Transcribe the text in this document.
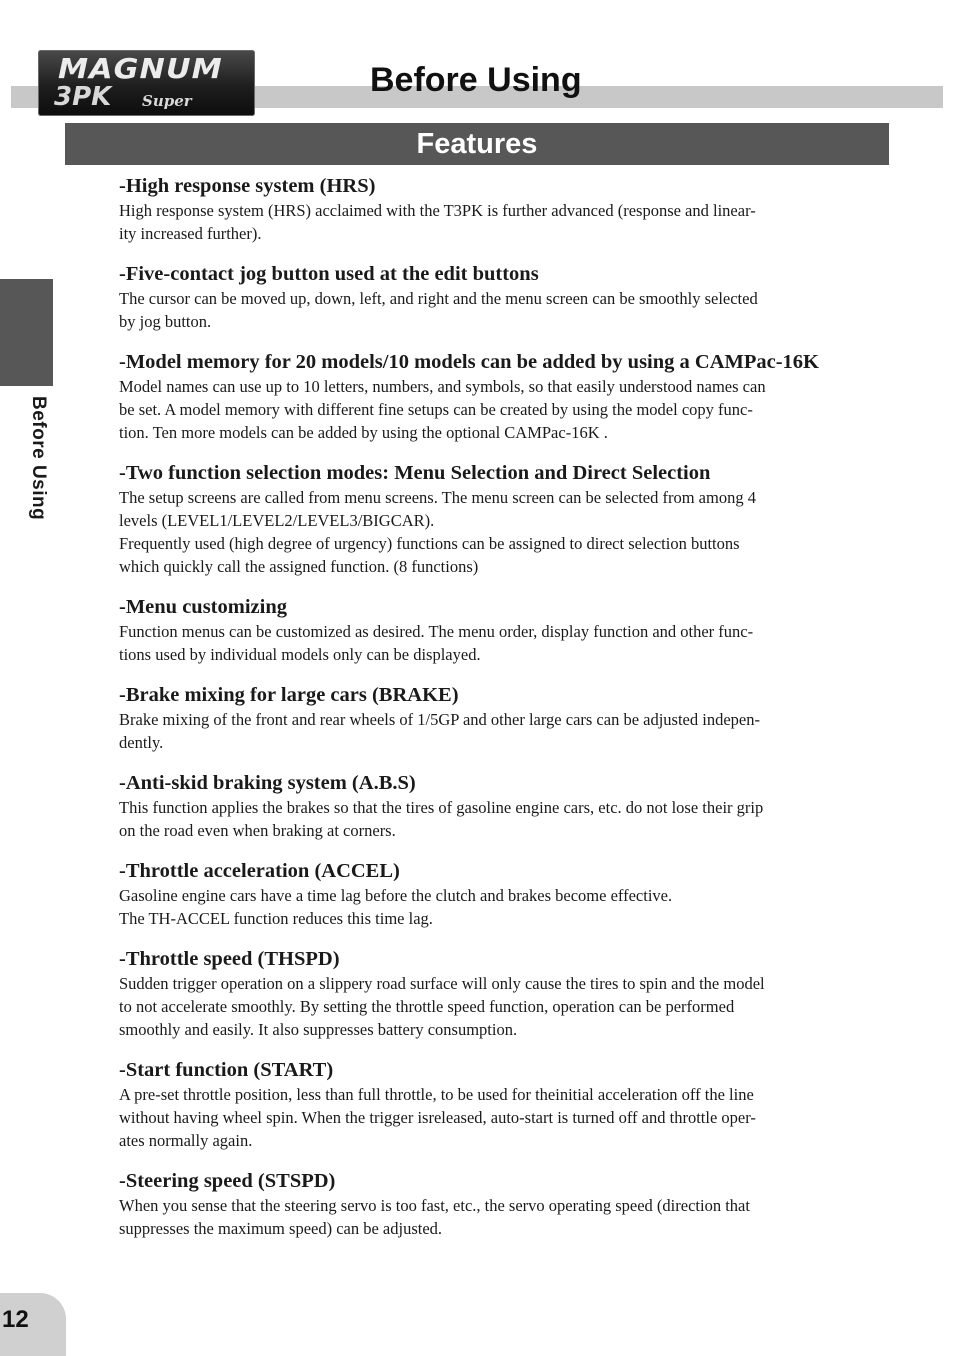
MAGNUM
3PK Super
Before Using
Features
Before Using
-High response system (HRS)

High response system (HRS) acclaimed with the T3PK is further advanced (response and linear-
ity increased further).

-Five-contact jog button used at the edit buttons

The cursor can be moved up, down, left, and right and the menu screen can be smoothly selected
by jog button.

-Model memory for 20 models/10 models can be added by using a CAMPac-16K

Model names can use up to 10 letters, numbers, and symbols, so that easily understood names can
be set. A model memory with different fine setups can be created by using the model copy func-
tion. Ten more models can be added by using the optional CAMPac-16K .

-Two function selection modes: Menu Selection and Direct Selection

The setup screens are called from menu screens. The menu screen can be selected from among 4
levels (LEVEL1/LEVEL2/LEVEL3/BIGCAR).
Frequently used (high degree of urgency) functions can be assigned to direct selection buttons
which quickly call the assigned function. (8 functions)

-Menu customizing

Function menus can be customized as desired. The menu order, display function and other func-
tions used by individual models only can be displayed.

-Brake mixing for large cars (BRAKE)

Brake mixing of the front and rear wheels of 1/5GP and other large cars can be adjusted indepen-
dently.

-Anti-skid braking system (A.B.S)

This function applies the brakes so that the tires of gasoline engine cars, etc. do not lose their grip
on the road even when braking at corners.

-Throttle acceleration (ACCEL)

Gasoline engine cars have a time lag before the clutch and brakes become effective.
The TH-ACCEL function reduces this time lag.

-Throttle speed (THSPD)

Sudden trigger operation on a slippery road surface will only cause the tires to spin and the model
to not accelerate smoothly. By setting the throttle speed function, operation can be performed
smoothly and easily. It also suppresses battery consumption.

-Start function (START)

A pre-set throttle position, less than full throttle, to be used for theinitial acceleration off the line
without having wheel spin. When the trigger isreleased, auto-start is turned off and throttle oper-
ates normally again.

-Steering speed (STSPD)

When you sense that the steering servo is too fast, etc., the servo operating speed (direction that
suppresses the maximum speed) can be adjusted.

12
